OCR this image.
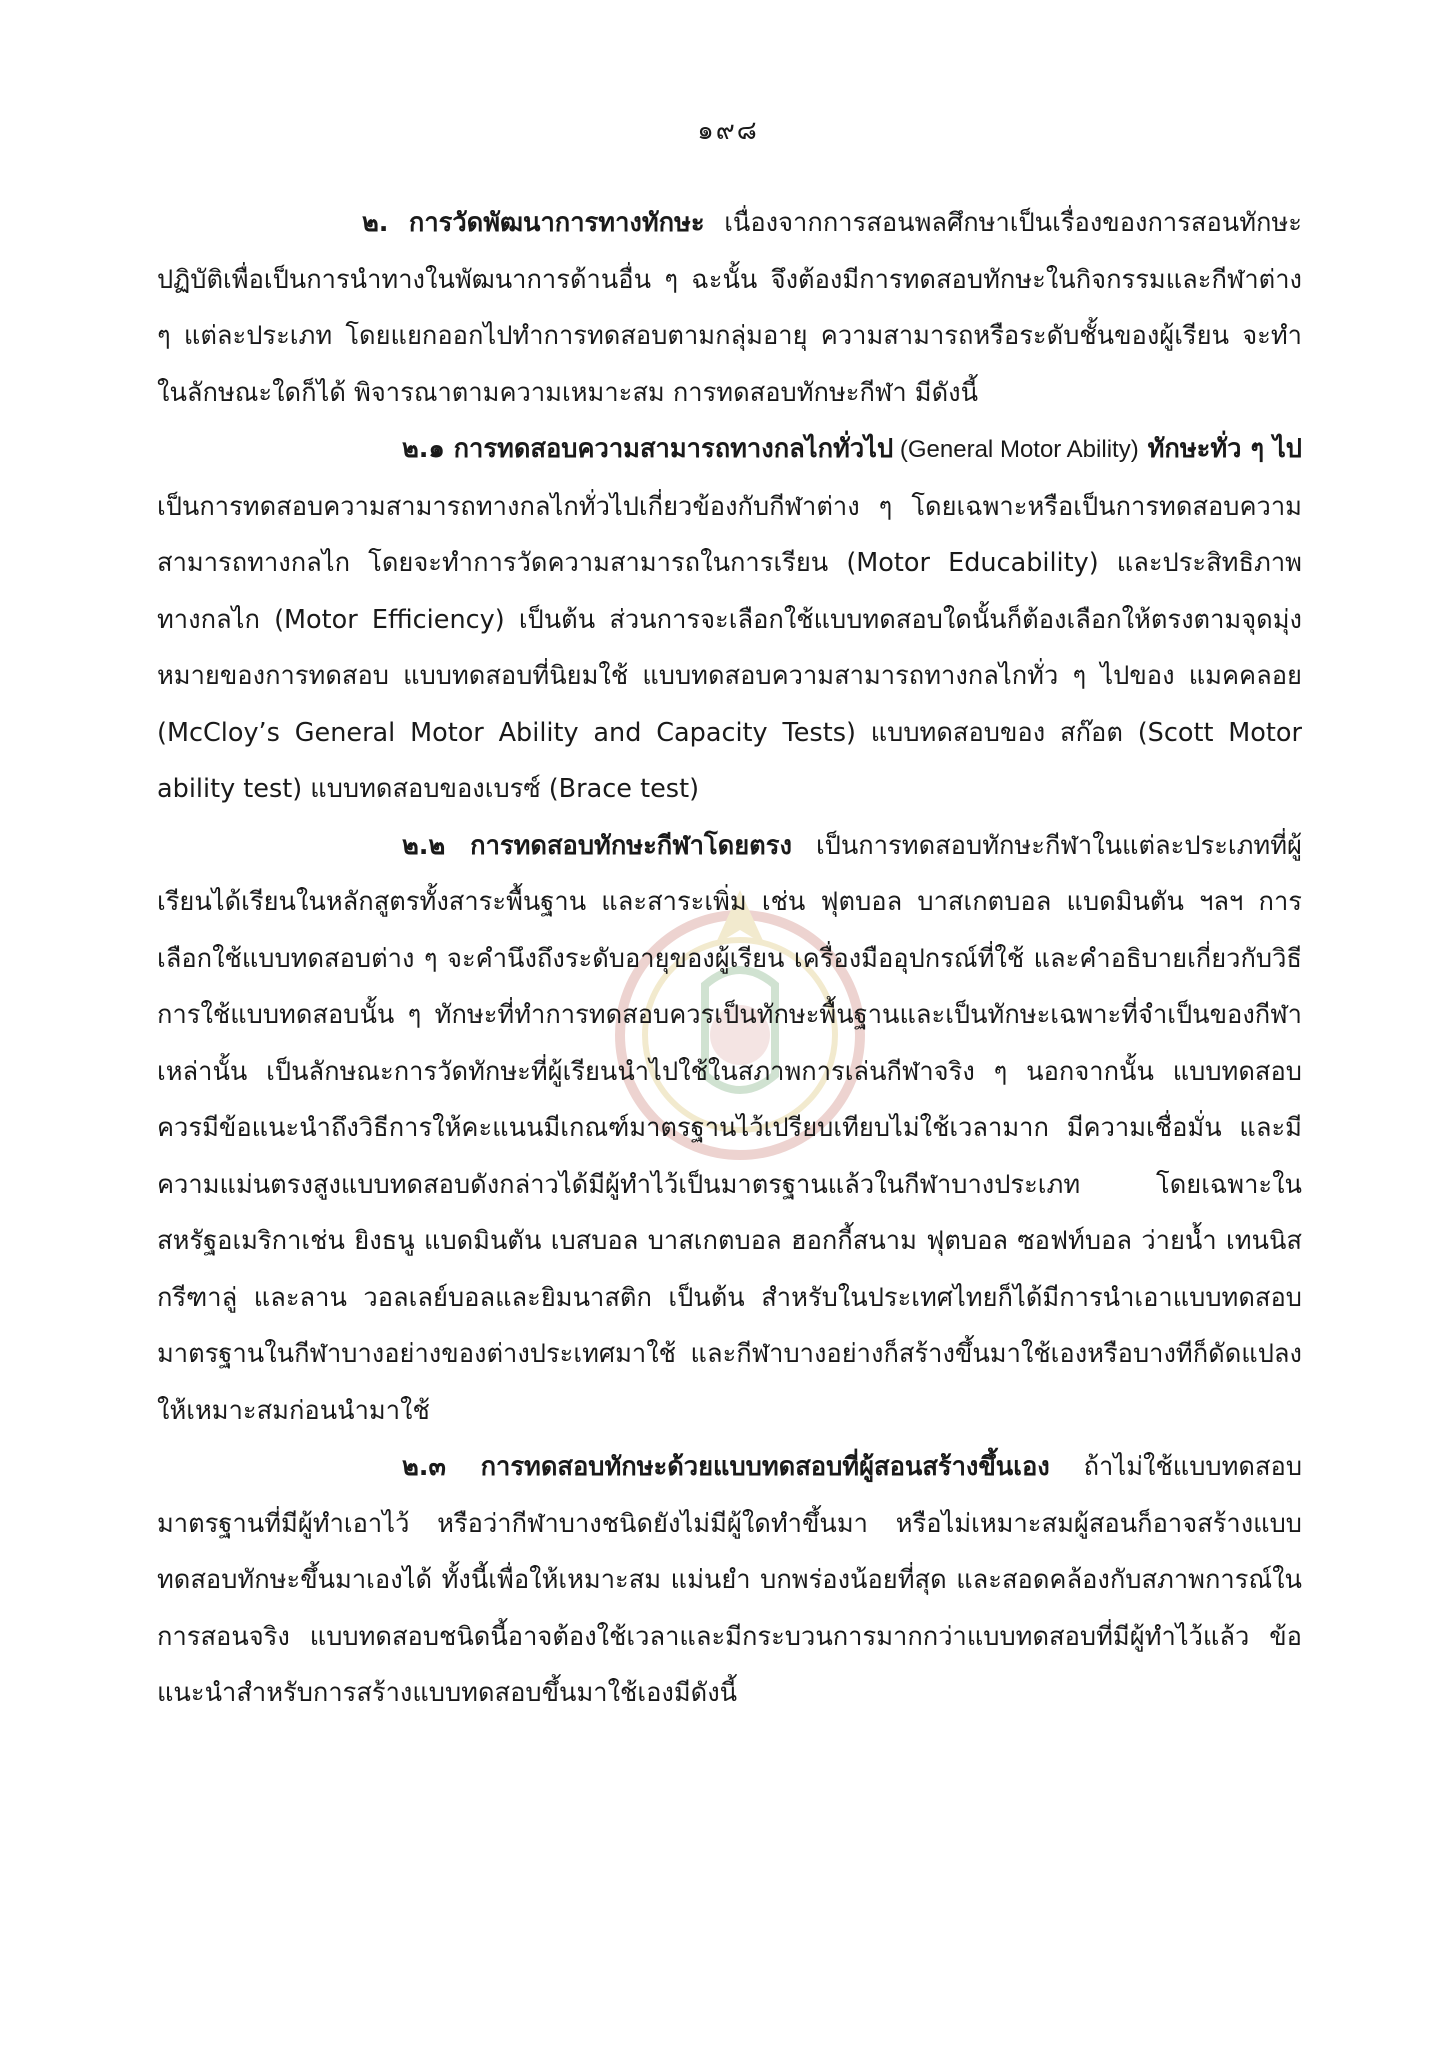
๑๙๘

๒. การวัดพัฒนาการทางทักษะ เนื่องจากการสอนพลศึกษาเป็นเรื่องของการสอนทักษะปฏิบัติเพื่อเป็นการนำทางในพัฒนาการด้านอื่น ๆ ฉะนั้น จึงต้องมีการทดสอบทักษะในกิจกรรมและกีฬาต่าง ๆ แต่ละประเภท โดยแยกออกไปทำการทดสอบตามกลุ่มอายุ ความสามารถหรือระดับชั้นของผู้เรียน จะทำในลักษณะใดก็ได้ พิจารณาตามความเหมาะสม การทดสอบทักษะกีฬา มีดังนี้

๒.๑ การทดสอบความสามารถทางกลไกทั่วไป (General Motor Ability) ทักษะทั่ว ๆ ไป เป็นการทดสอบความสามารถทางกลไกทั่วไปเกี่ยวข้องกับกีฬาต่าง ๆ โดยเฉพาะหรือเป็นการทดสอบความสามารถทางกลไก โดยจะทำการวัดความสามารถในการเรียน (Motor Educability) และประสิทธิภาพทางกลไก (Motor Efficiency) เป็นต้น ส่วนการจะเลือกใช้แบบทดสอบใดนั้นก็ต้องเลือกให้ตรงตามจุดมุ่งหมายของการทดสอบ แบบทดสอบที่นิยมใช้ แบบทดสอบความสามารถทางกลไกทั่ว ๆ ไปของ แมคคลอย (McCloy’s General Motor Ability and Capacity Tests) แบบทดสอบของ สก๊อต (Scott Motor ability test) แบบทดสอบของเบรซ์ (Brace test)

๒.๒ การทดสอบทักษะกีฬาโดยตรง เป็นการทดสอบทักษะกีฬาในแต่ละประเภทที่ผู้เรียนได้เรียนในหลักสูตรทั้งสาระพื้นฐาน และสาระเพิ่ม เช่น ฟุตบอล บาสเกตบอล แบดมินตัน ฯลฯ การเลือกใช้แบบทดสอบต่าง ๆ จะคำนึงถึงระดับอายุของผู้เรียน เครื่องมืออุปกรณ์ที่ใช้ และคำอธิบายเกี่ยวกับวิธีการใช้แบบทดสอบนั้น ๆ ทักษะที่ทำการทดสอบควรเป็นทักษะพื้นฐานและเป็นทักษะเฉพาะที่จำเป็นของกีฬาเหล่านั้น เป็นลักษณะการวัดทักษะที่ผู้เรียนนำไปใช้ในสภาพการเล่นกีฬาจริง ๆ นอกจากนั้น แบบทดสอบควรมีข้อแนะนำถึงวิธีการให้คะแนนมีเกณฑ์มาตรฐานไว้เปรียบเทียบไม่ใช้เวลามาก มีความเชื่อมั่น และมีความแม่นตรงสูงแบบทดสอบดังกล่าวได้มีผู้ทำไว้เป็นมาตรฐานแล้วในกีฬาบางประเภท โดยเฉพาะในสหรัฐอเมริกาเช่น ยิงธนู แบดมินตัน เบสบอล บาสเกตบอล ฮอกกี้สนาม ฟุตบอล ซอฟท์บอล ว่ายน้ำ เทนนิสกรีฑาลู่ และลาน วอลเลย์บอลและยิมนาสติก เป็นต้น สำหรับในประเทศไทยก็ได้มีการนำเอาแบบทดสอบมาตรฐานในกีฬาบางอย่างของต่างประเทศมาใช้ และกีฬาบางอย่างก็สร้างขึ้นมาใช้เองหรือบางทีก็ดัดแปลงให้เหมาะสมก่อนนำมาใช้

๒.๓ การทดสอบทักษะด้วยแบบทดสอบที่ผู้สอนสร้างขึ้นเอง ถ้าไม่ใช้แบบทดสอบมาตรฐานที่มีผู้ทำเอาไว้ หรือว่ากีฬาบางชนิดยังไม่มีผู้ใดทำขึ้นมา หรือไม่เหมาะสมผู้สอนก็อาจสร้างแบบทดสอบทักษะขึ้นมาเองได้ ทั้งนี้เพื่อให้เหมาะสม แม่นยำ บกพร่องน้อยที่สุด และสอดคล้องกับสภาพการณ์ในการสอนจริง แบบทดสอบชนิดนี้อาจต้องใช้เวลาและมีกระบวนการมากกว่าแบบทดสอบที่มีผู้ทำไว้แล้ว ข้อแนะนำสำหรับการสร้างแบบทดสอบขึ้นมาใช้เองมีดังนี้
